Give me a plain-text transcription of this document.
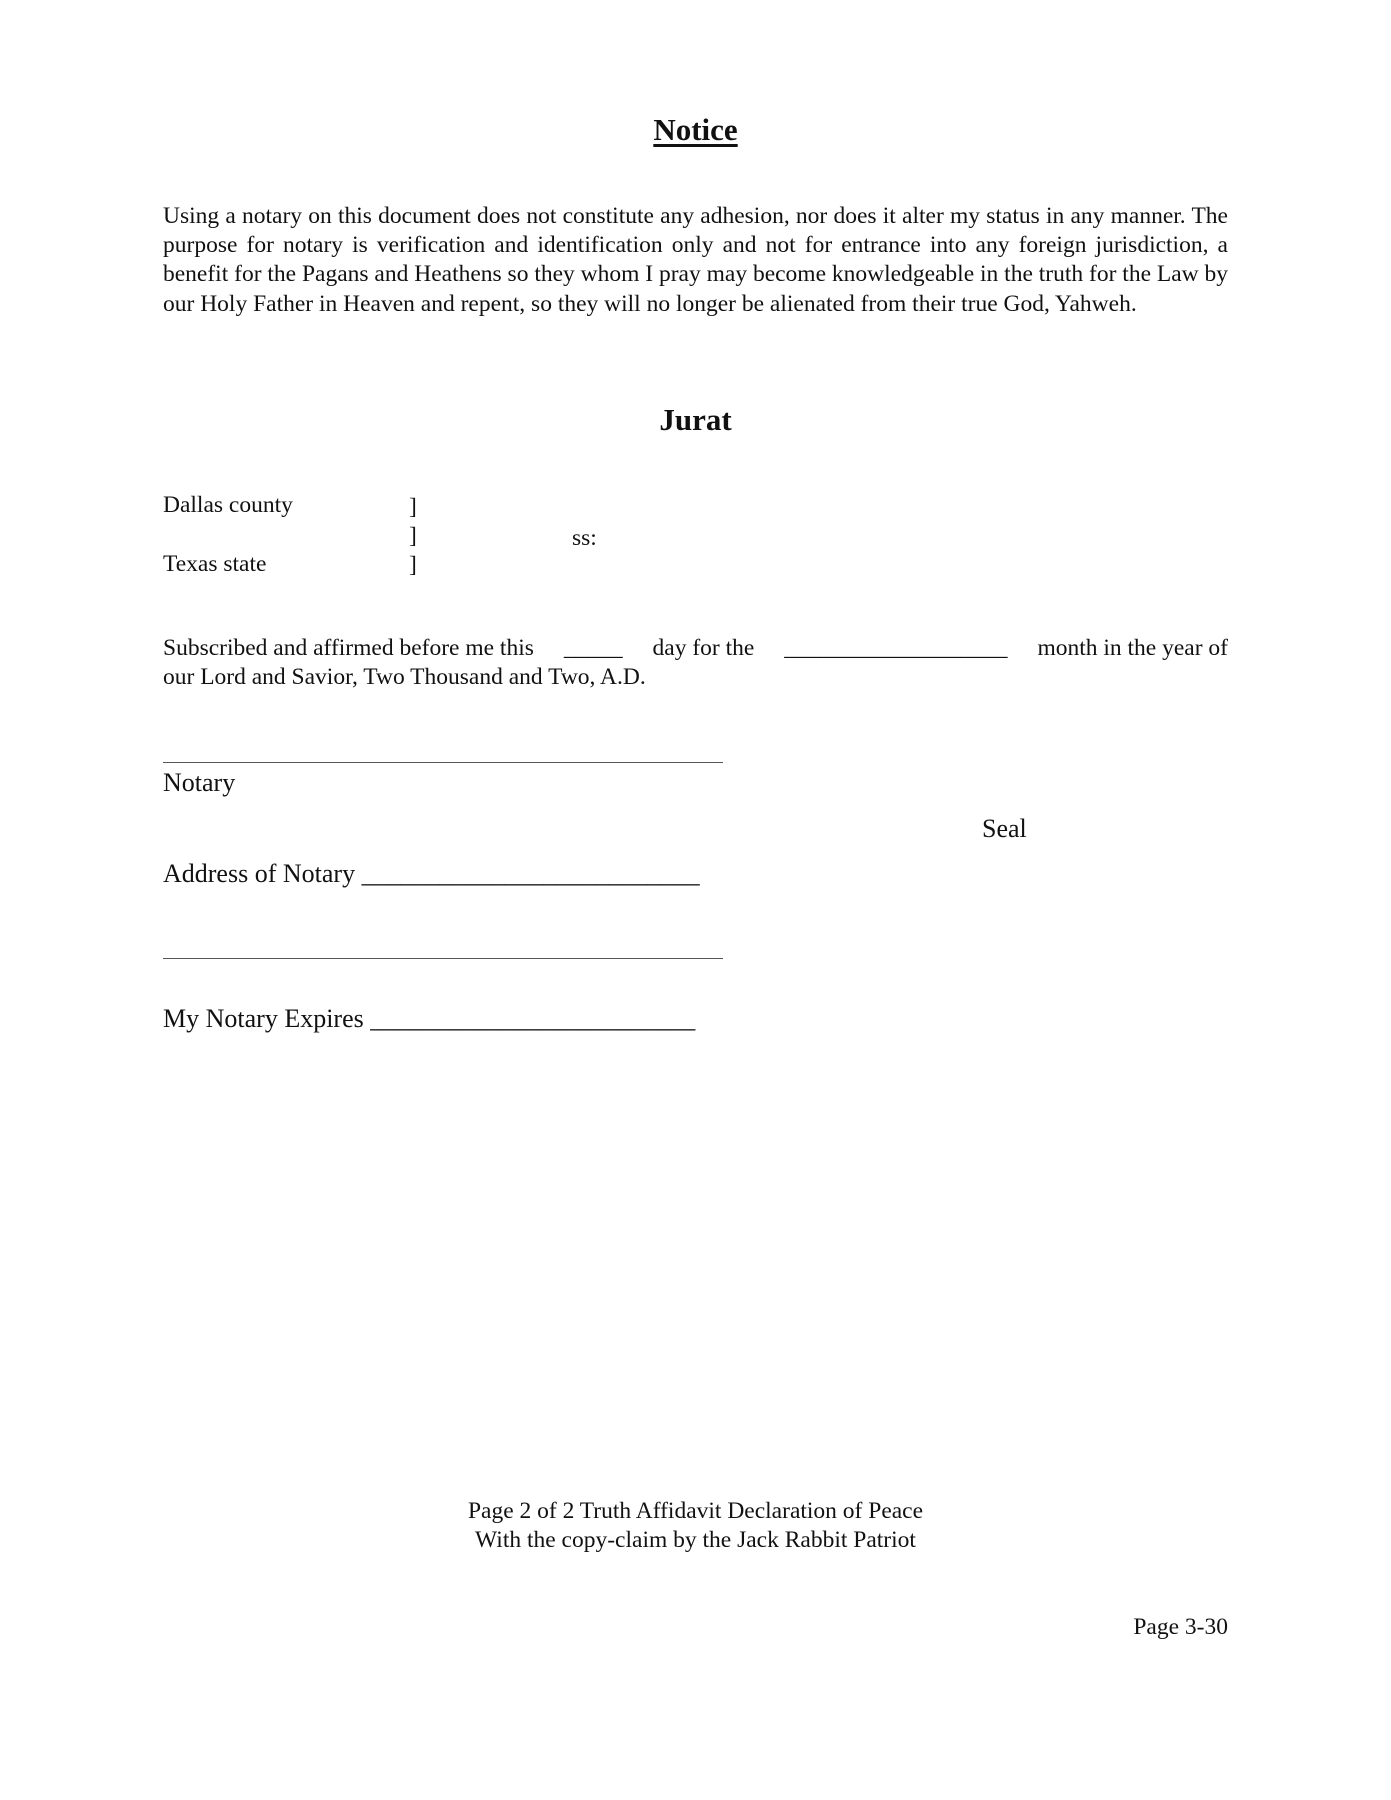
Notice
Using a notary on this document does not constitute any adhesion, nor does it alter my status in any manner. The purpose for notary is verification and identification only and not for entrance into any foreign jurisdiction, a benefit for the Pagans and Heathens so they whom I pray may become knowledgeable in the truth for the Law by our Holy Father in Heaven and repent, so they will no longer be alienated from their true God, Yahweh.
Jurat
Dallas county
Texas state
]
]
]
ss:
Subscribed and affirmed before me this _____ day for the ___________________ month in the year of
our Lord and Savior, Two Thousand and Two, A.D.
Notary
Seal
Address of Notary __________________________
My Notary Expires _________________________
Page 2 of 2 Truth Affidavit Declaration of Peace
With the copy-claim by the Jack Rabbit Patriot
Page 3-30
